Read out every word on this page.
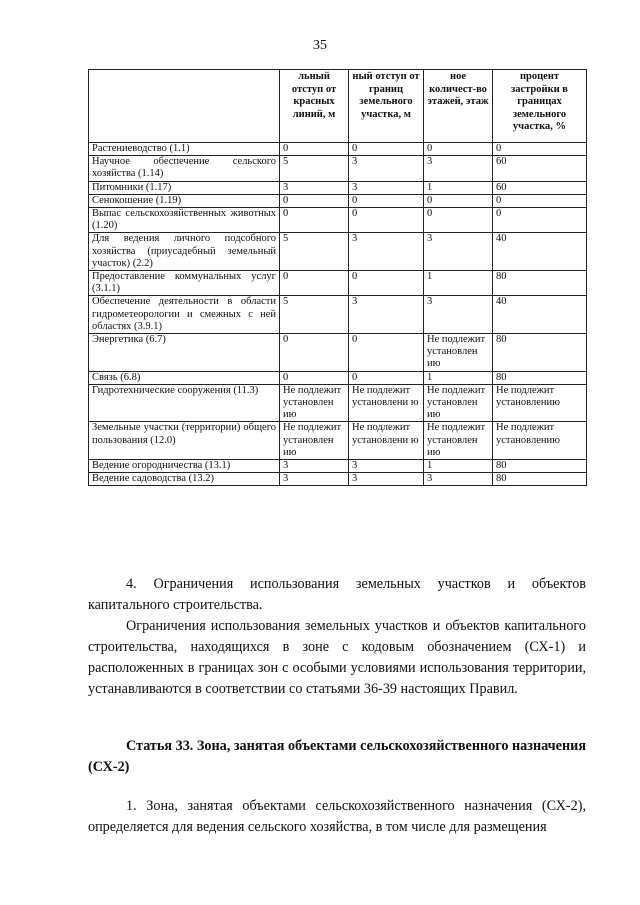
35
	льный отступ от красных линий, м	ный отступ от границ земельного участка, м	ное количест-во этажей, этаж	процент застройки в границах земельного участка, %
Растениеводство (1.1)	0	0	0	0
Научное обеспечение сельского хозяйства (1.14)	5	3	3	60
Питомники (1.17)	3	3	1	60
Сенокошение (1.19)	0	0	0	0
Выпас сельскохозяйственных животных (1.20)	0	0	0	0
Для ведения личного подсобного хозяйства (приусадебный земельный участок) (2.2)	5	3	3	40
Предоставление коммунальных услуг (3.1.1)	0	0	1	80
Обеспечение деятельности в области гидрометеорологии и смежных с ней областях (3.9.1)	5	3	3	40
Энергетика (6.7)	0	0	Не подлежит установлен ию	80
Связь (6.8)	0	0	1	80
Гидротехнические сооружения (11.3)	Не подлежит установлен ию	Не подлежит установлени ю	Не подлежит установлен ию	Не подлежит установлению
Земельные участки (территории) общего пользования (12.0)	Не подлежит установлен ию	Не подлежит установлени ю	Не подлежит установлен ию	Не подлежит установлению
Ведение огородничества (13.1)	3	3	1	80
Ведение садоводства (13.2)	3	3	3	80
4. Ограничения использования земельных участков и объектов капитального строительства.
Ограничения использования земельных участков и объектов капитального строительства, находящихся в зоне с кодовым обозначением (СХ-1) и расположенных в границах зон с особыми условиями использования территории, устанавливаются в соответствии со статьями 36-39 настоящих Правил.
Статья 33. Зона, занятая объектами сельскохозяйственного назначения (СХ-2)
1. Зона, занятая объектами сельскохозяйственного назначения (СХ-2), определяется для ведения сельского хозяйства, в том числе для размещения
